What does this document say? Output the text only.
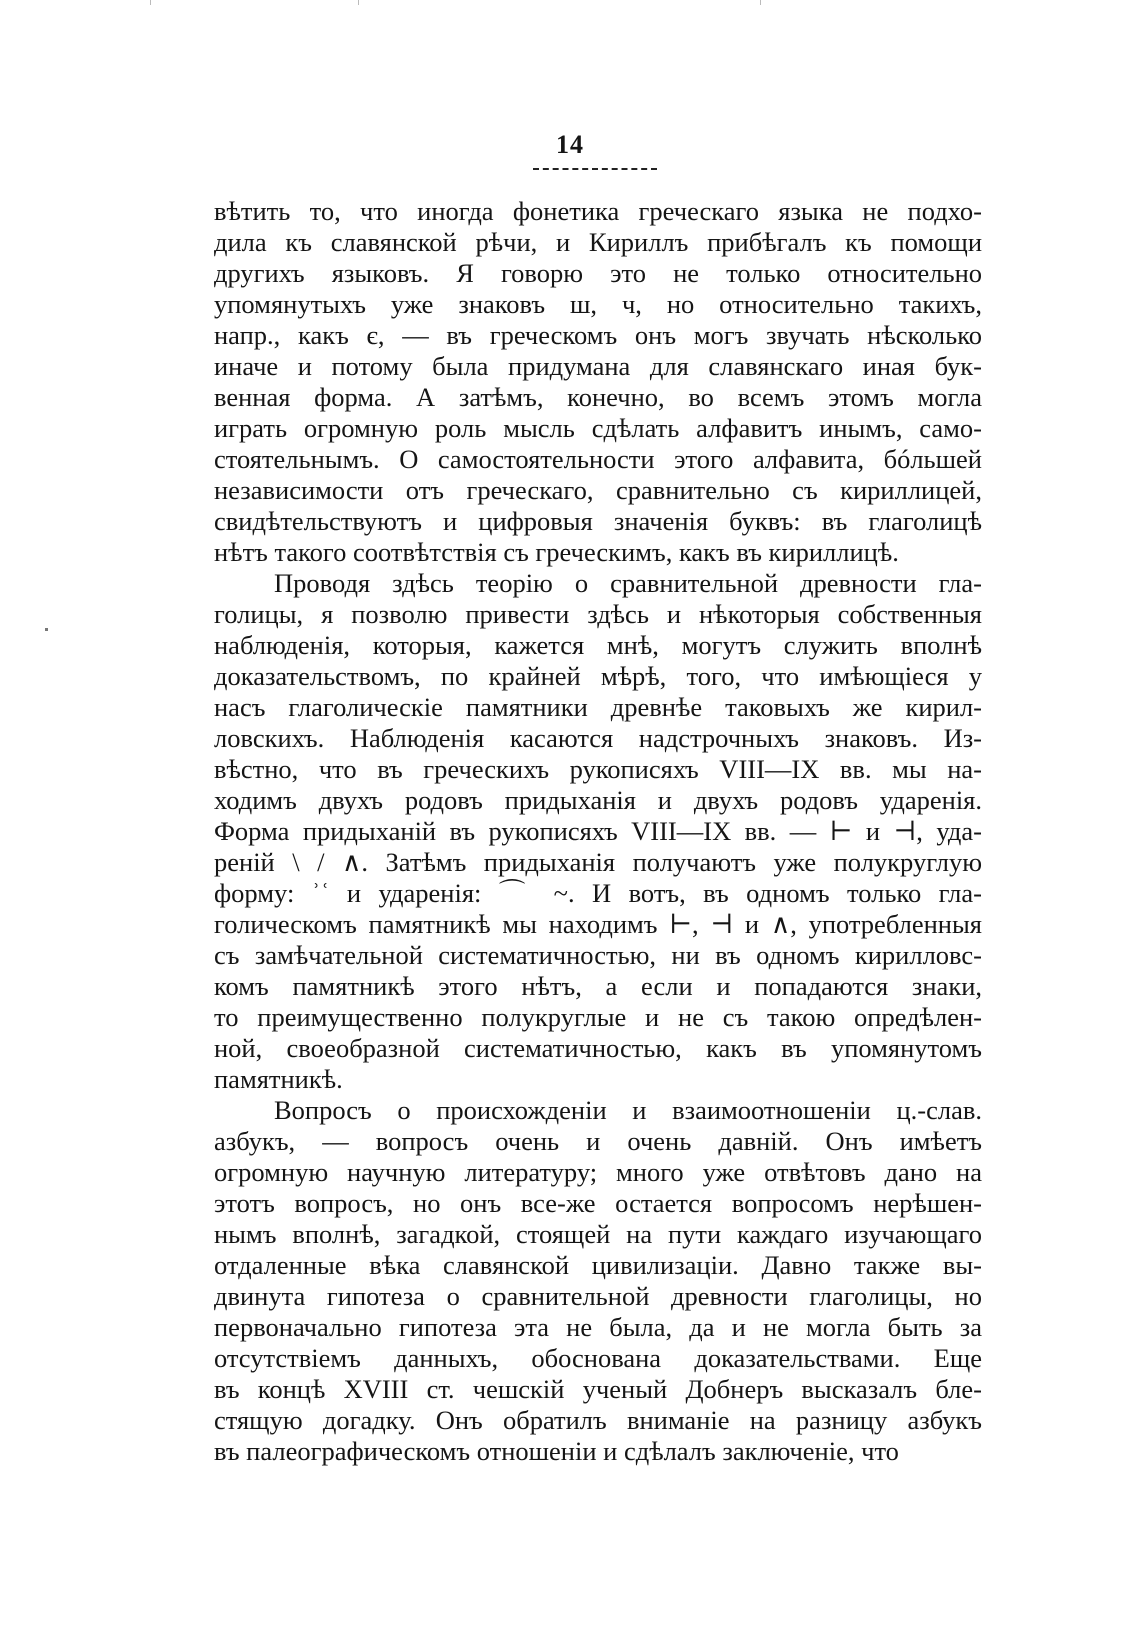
14
вѣтить то, что иногда фонетика греческаго языка не подхо-
дила къ славянской рѣчи, и Кириллъ прибѣгалъ къ помощи
другихъ языковъ. Я говорю это не только относительно
упомянутыхъ уже знаковъ ш, ч, но относительно такихъ,
напр., какъ є, — въ греческомъ онъ могъ звучать нѣсколько
иначе и потому была придумана для славянскаго иная бук-
венная форма. А затѣмъ, конечно, во всемъ этомъ могла
играть огромную роль мысль сдѣлать алфавитъ инымъ, само-
стоятельнымъ. О самостоятельности этого алфавита, бóльшей
независимости отъ греческаго, сравнительно съ кириллицей,
свидѣтельствуютъ и цифровыя значенія буквъ: въ глаголицѣ
нѣтъ такого соотвѣтствія съ греческимъ, какъ въ кириллицѣ.
Проводя здѣсь теорію о сравнительной древности гла-
голицы, я позволю привести здѣсь и нѣкоторыя собственныя
наблюденія, которыя, кажется мнѣ, могутъ служить вполнѣ
доказательствомъ, по крайней мѣрѣ, того, что имѣющіеся у
насъ глаголическіе памятники древнѣе таковыхъ же кирил-
ловскихъ. Наблюденія касаются надстрочныхъ знаковъ. Из-
вѣстно, что въ греческихъ рукописяхъ VIII—IX вв. мы на-
ходимъ двухъ родовъ придыханія и двухъ родовъ ударенія.
Форма придыханій въ рукописяхъ VIII—IX вв. — ⊢ и ⊣, уда-
реній \ / ∧. Затѣмъ придыханія получаютъ уже полукруглую
форму: ʾʿ и ударенія: ⌒ ~. И вотъ, въ одномъ только гла-
голическомъ памятникѣ мы находимъ ⊢, ⊣ и ∧, употребленныя
съ замѣчательной систематичностью, ни въ одномъ кирилловс-
комъ памятникѣ этого нѣтъ, а если и попадаются знаки,
то преимущественно полукруглые и не съ такою опредѣлен-
ной, своеобразной систематичностью, какъ въ упомянутомъ
памятникѣ.
Вопросъ о происхожденіи и взаимоотношеніи ц.-слав.
азбукъ, — вопросъ очень и очень давній. Онъ имѣетъ
огромную научную литературу; много уже отвѣтовъ дано на
этотъ вопросъ, но онъ все-же остается вопросомъ нерѣшен-
нымъ вполнѣ, загадкой, стоящей на пути каждаго изучающаго
отдаленные вѣка славянской цивилизаціи. Давно также вы-
двинута гипотеза о сравнительной древности глаголицы, но
первоначально гипотеза эта не была, да и не могла быть за
отсутствіемъ данныхъ, обоснована доказательствами. Еще
въ концѣ XVIII ст. чешскій ученый Добнеръ высказалъ бле-
стящую догадку. Онъ обратилъ вниманіе на разницу азбукъ
въ палеографическомъ отношеніи и сдѣлалъ заключеніе, что
